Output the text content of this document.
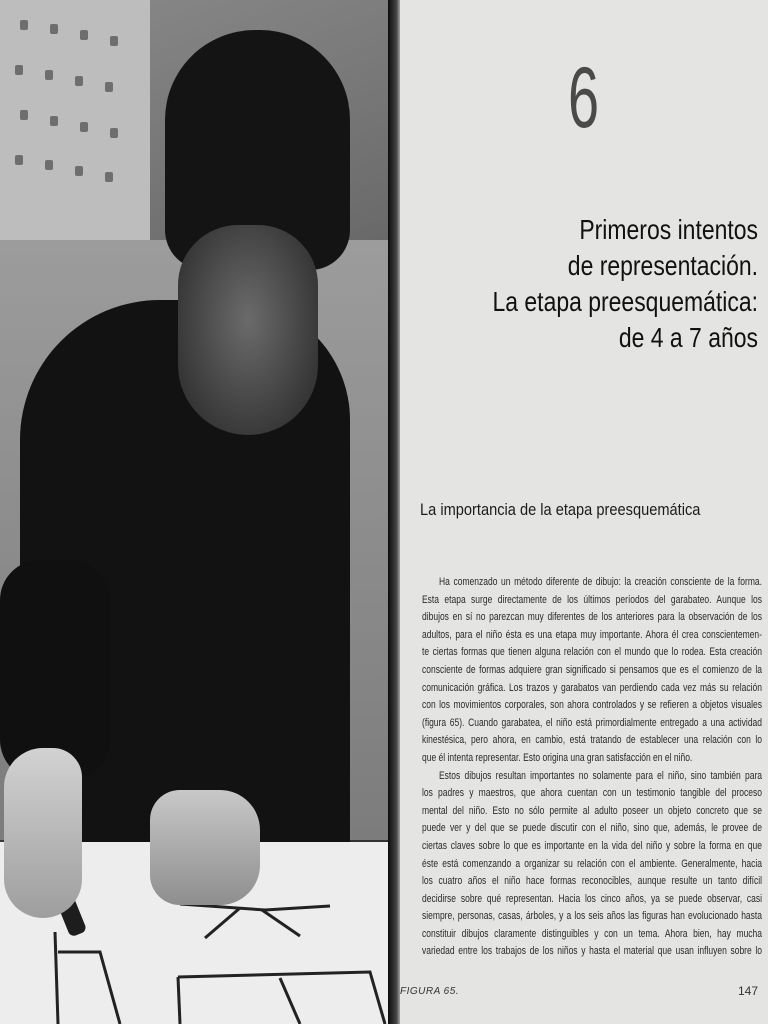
6
Primeros intentos
de representación.
La etapa preesquemática:
de 4 a 7 años
La importancia de la etapa preesquemática
Ha comenzado un método diferente de dibujo: la creación consciente de la forma.
Esta etapa surge directamente de los últimos períodos del garabateo. Aunque los
dibujos en sí no parezcan muy diferentes de los anteriores para la observación de los
adultos, para el niño ésta es una etapa muy importante. Ahora él crea conscientemen-
te ciertas formas que tienen alguna relación con el mundo que lo rodea. Esta creación
consciente de formas adquiere gran significado si pensamos que es el comienzo de la
comunicación gráfica. Los trazos y garabatos van perdiendo cada vez más su relación
con los movimientos corporales, son ahora controlados y se refieren a objetos visuales
(figura 65). Cuando garabatea, el niño está primordialmente entregado a una actividad
kinestésica, pero ahora, en cambio, está tratando de establecer una relación con lo
que él intenta representar. Esto origina una gran satisfacción en el niño.
Estos dibujos resultan importantes no solamente para el niño, sino también para
los padres y maestros, que ahora cuentan con un testimonio tangible del proceso
mental del niño. Esto no sólo permite al adulto poseer un objeto concreto que se
puede ver y del que se puede discutir con el niño, sino que, además, le provee de
ciertas claves sobre lo que es importante en la vida del niño y sobre la forma en que
éste está comenzando a organizar su relación con el ambiente. Generalmente, hacia
los cuatro años el niño hace formas reconocibles, aunque resulte un tanto difícil
decidirse sobre qué representan. Hacia los cinco años, ya se puede observar, casi
siempre, personas, casas, árboles, y a los seis años las figuras han evolucionado hasta
constituir dibujos claramente distinguibles y con un tema. Ahora bien, hay mucha
variedad entre los trabajos de los niños y hasta el material que usan influyen sobre lo
FIGURA 65.	147
